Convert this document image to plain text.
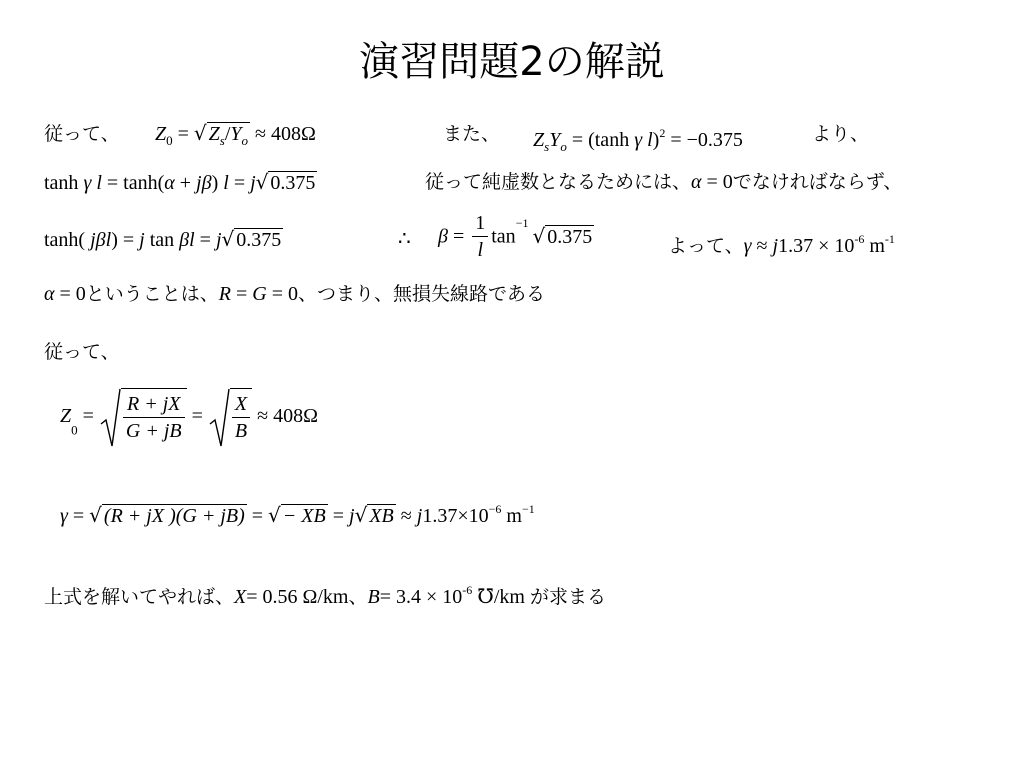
演習問題2の解説
従って、 $Z_0$ = √ $Z_s/Y_o \approx 408\Omega$	また、 $Z_sY_o = (\tanh$ γ l)$^2$ = −0.375	より、
tanh γ l = tanh(α + jβ) l = j√ 0.375	従って純虚数となるためには、α = 0でなければならず、
tanh( jβl) = j tan βl = j√ 0.375	∴ $\beta = \frac{1}{l} \tan^{-1}√$ 0.375	よって、$\gamma \approx j1.37 \times 10^{-6}$ $m^{-1}$
α = 0ということは、R = G = 0、つまり、無損失線路である
従って、
$Z_0 = \frac{R + jX}{G + jB} = \frac{X}{B} \approx 408\Omega$
γ = √ (R + jX )(G + jB) = √ − XB = j√ XB ≈ $j1.37\times 10^{-6}$ $m^{-1}$
上式を解いてやれば、X= 0.56 Ω/km、$B= 3.4 \times 10^{-6}$ ℧/km が求まる
